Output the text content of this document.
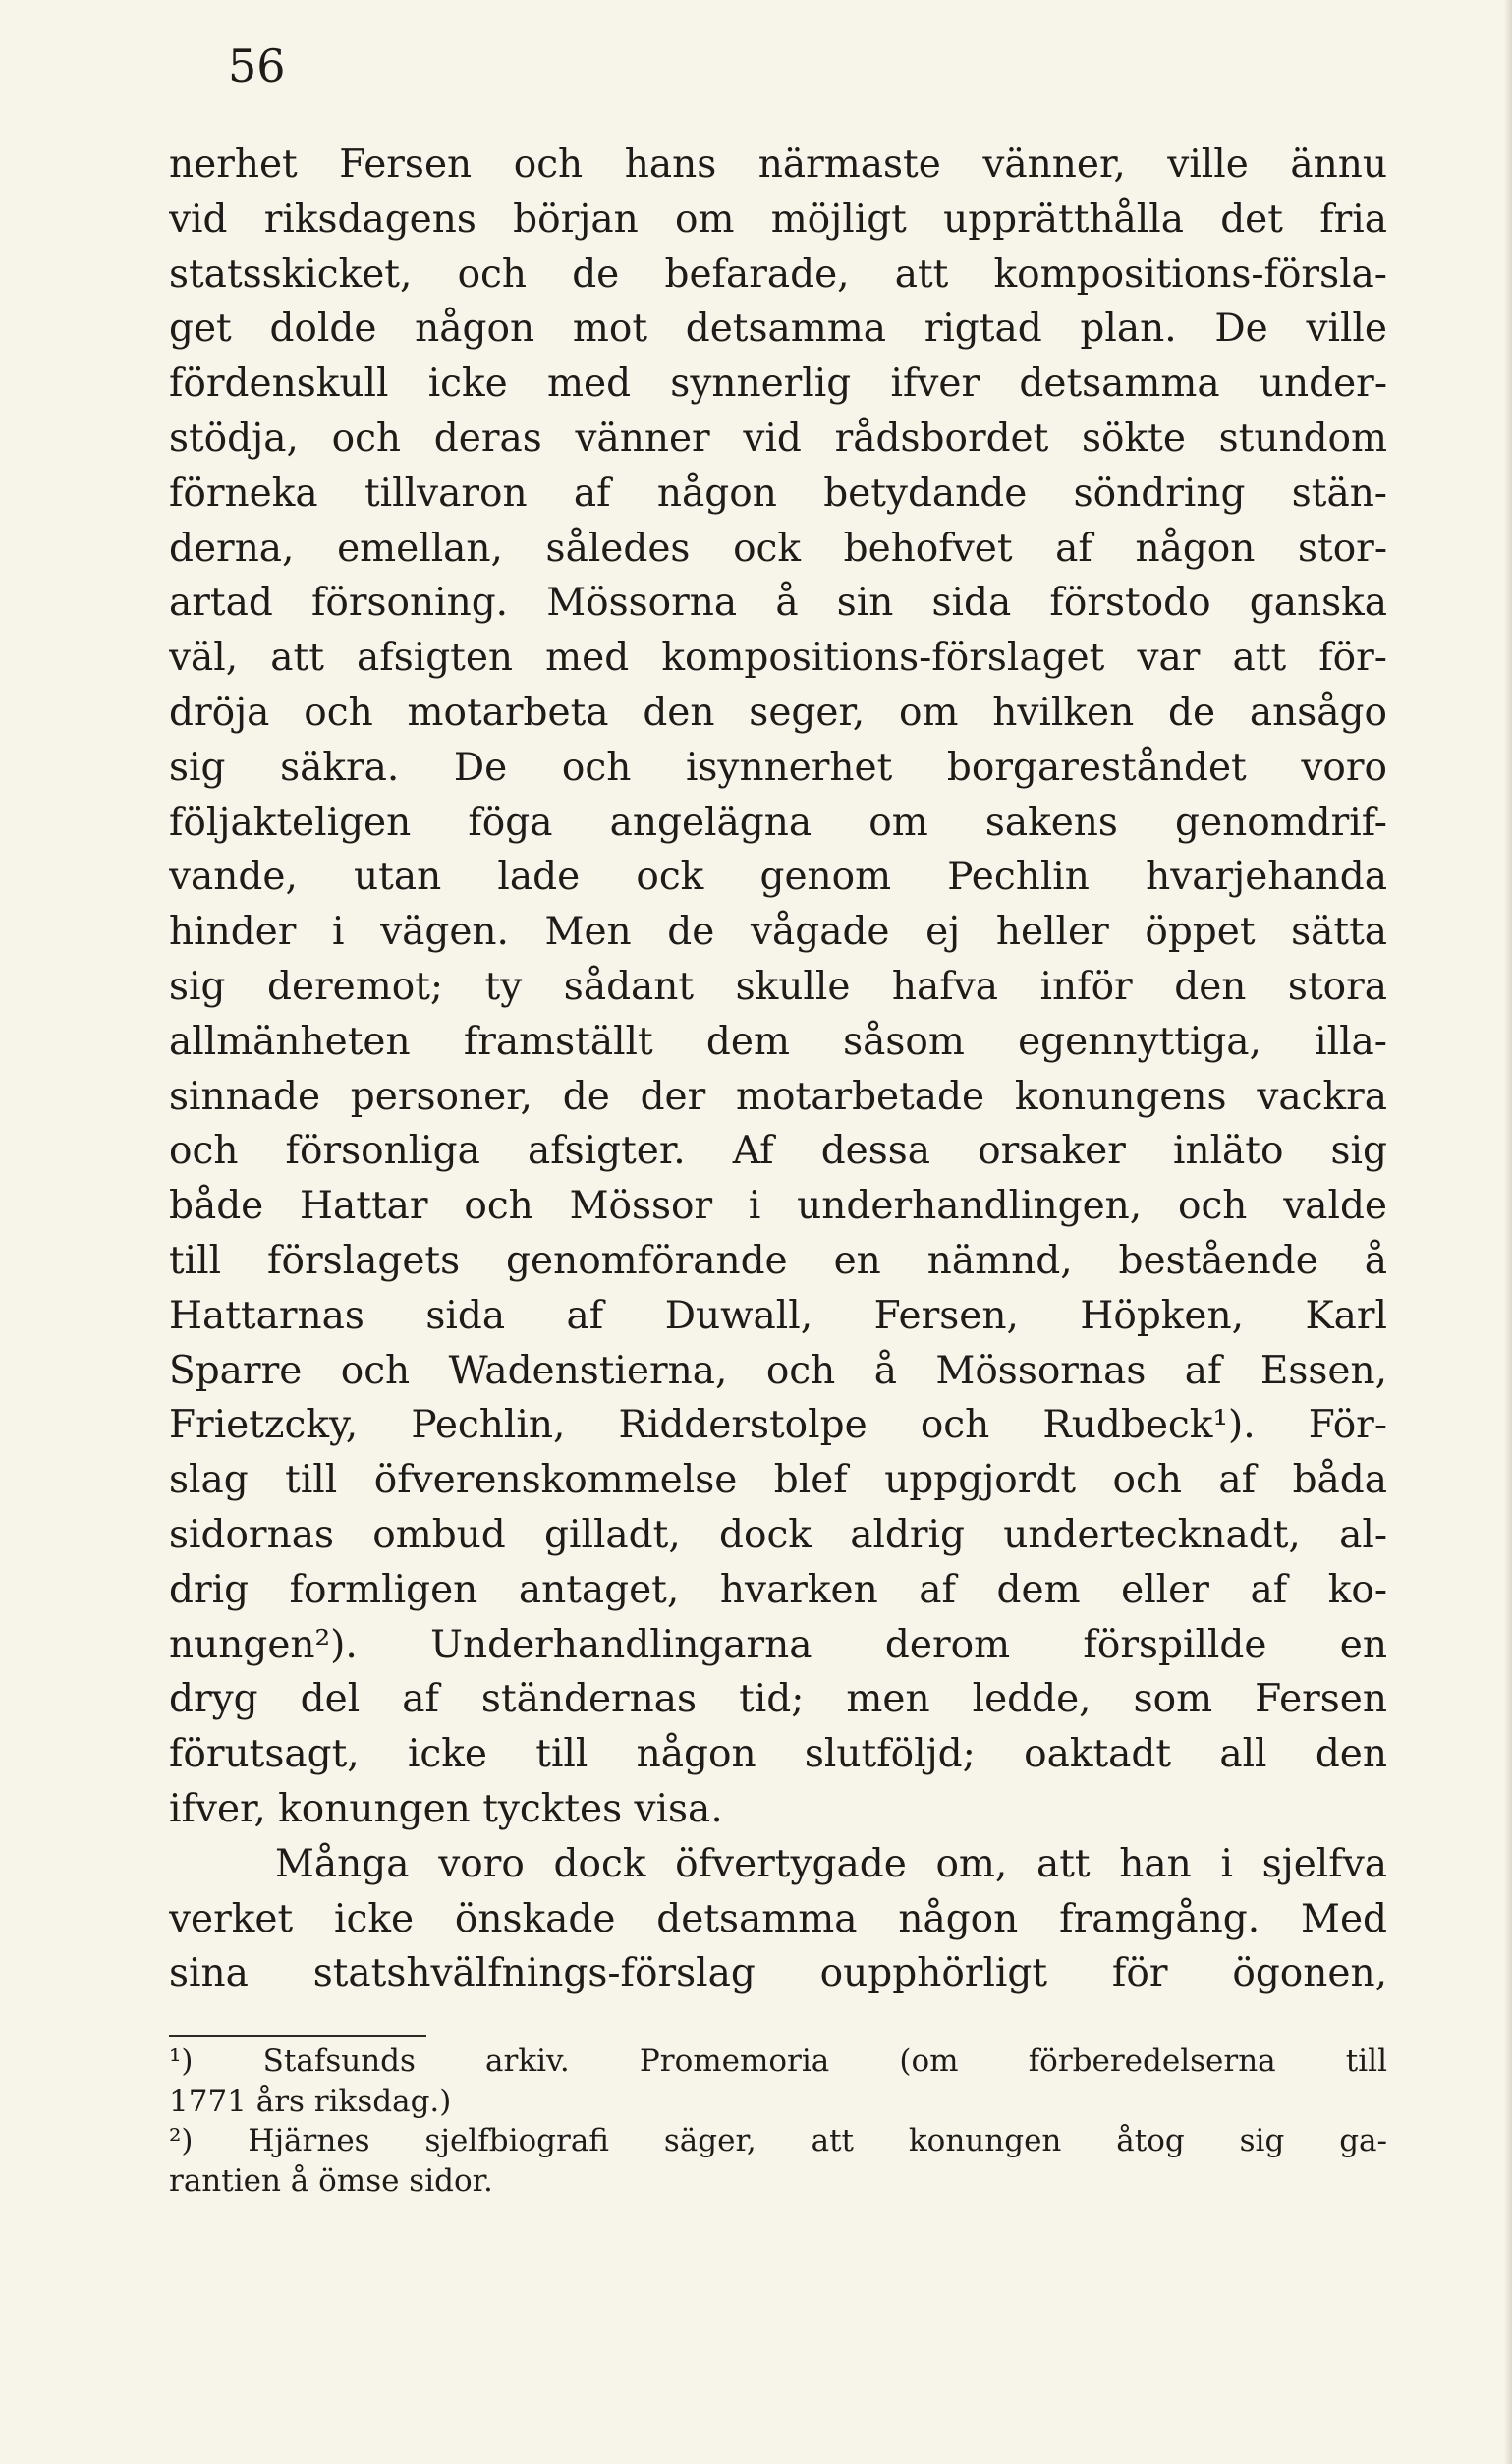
56
nerhet Fersen och hans närmaste vänner, ville ännu
vid riksdagens början om möjligt upprätthålla det fria
statsskicket, och de befarade, att kompositions-försla-
get dolde någon mot detsamma rigtad plan. De ville
fördenskull icke med synnerlig ifver detsamma under-
stödja, och deras vänner vid rådsbordet sökte stundom
förneka tillvaron af någon betydande söndring stän-
derna, emellan, således ock behofvet af någon stor-
artad försoning. Mössorna å sin sida förstodo ganska
väl, att afsigten med kompositions-förslaget var att för-
dröja och motarbeta den seger, om hvilken de ansågo
sig säkra. De och isynnerhet borgareståndet voro
följakteligen föga angelägna om sakens genomdrif-
vande, utan lade ock genom Pechlin hvarjehanda
hinder i vägen. Men de vågade ej heller öppet sätta
sig deremot; ty sådant skulle hafva inför den stora
allmänheten framställt dem såsom egennyttiga, illa-
sinnade personer, de der motarbetade konungens vackra
och försonliga afsigter. Af dessa orsaker inläto sig
både Hattar och Mössor i underhandlingen, och valde
till förslagets genomförande en nämnd, bestående å
Hattarnas sida af Duwall, Fersen, Höpken, Karl
Sparre och Wadenstierna, och å Mössornas af Essen,
Frietzcky, Pechlin, Ridderstolpe och Rudbeck¹). För-
slag till öfverenskommelse blef uppgjordt och af båda
sidornas ombud gilladt, dock aldrig undertecknadt, al-
drig formligen antaget, hvarken af dem eller af ko-
nungen²). Underhandlingarna derom förspillde en
dryg del af ständernas tid; men ledde, som Fersen
förutsagt, icke till någon slutföljd; oaktadt all den
ifver, konungen tycktes visa.
Många voro dock öfvertygade om, att han i sjelfva
verket icke önskade detsamma någon framgång. Med
sina statshvälfnings-förslag oupphörligt för ögonen,
¹) Stafsunds arkiv. Promemoria (om förberedelserna till
1771 års riksdag.)
²) Hjärnes sjelfbiografi säger, att konungen åtog sig ga-
rantien å ömse sidor.
